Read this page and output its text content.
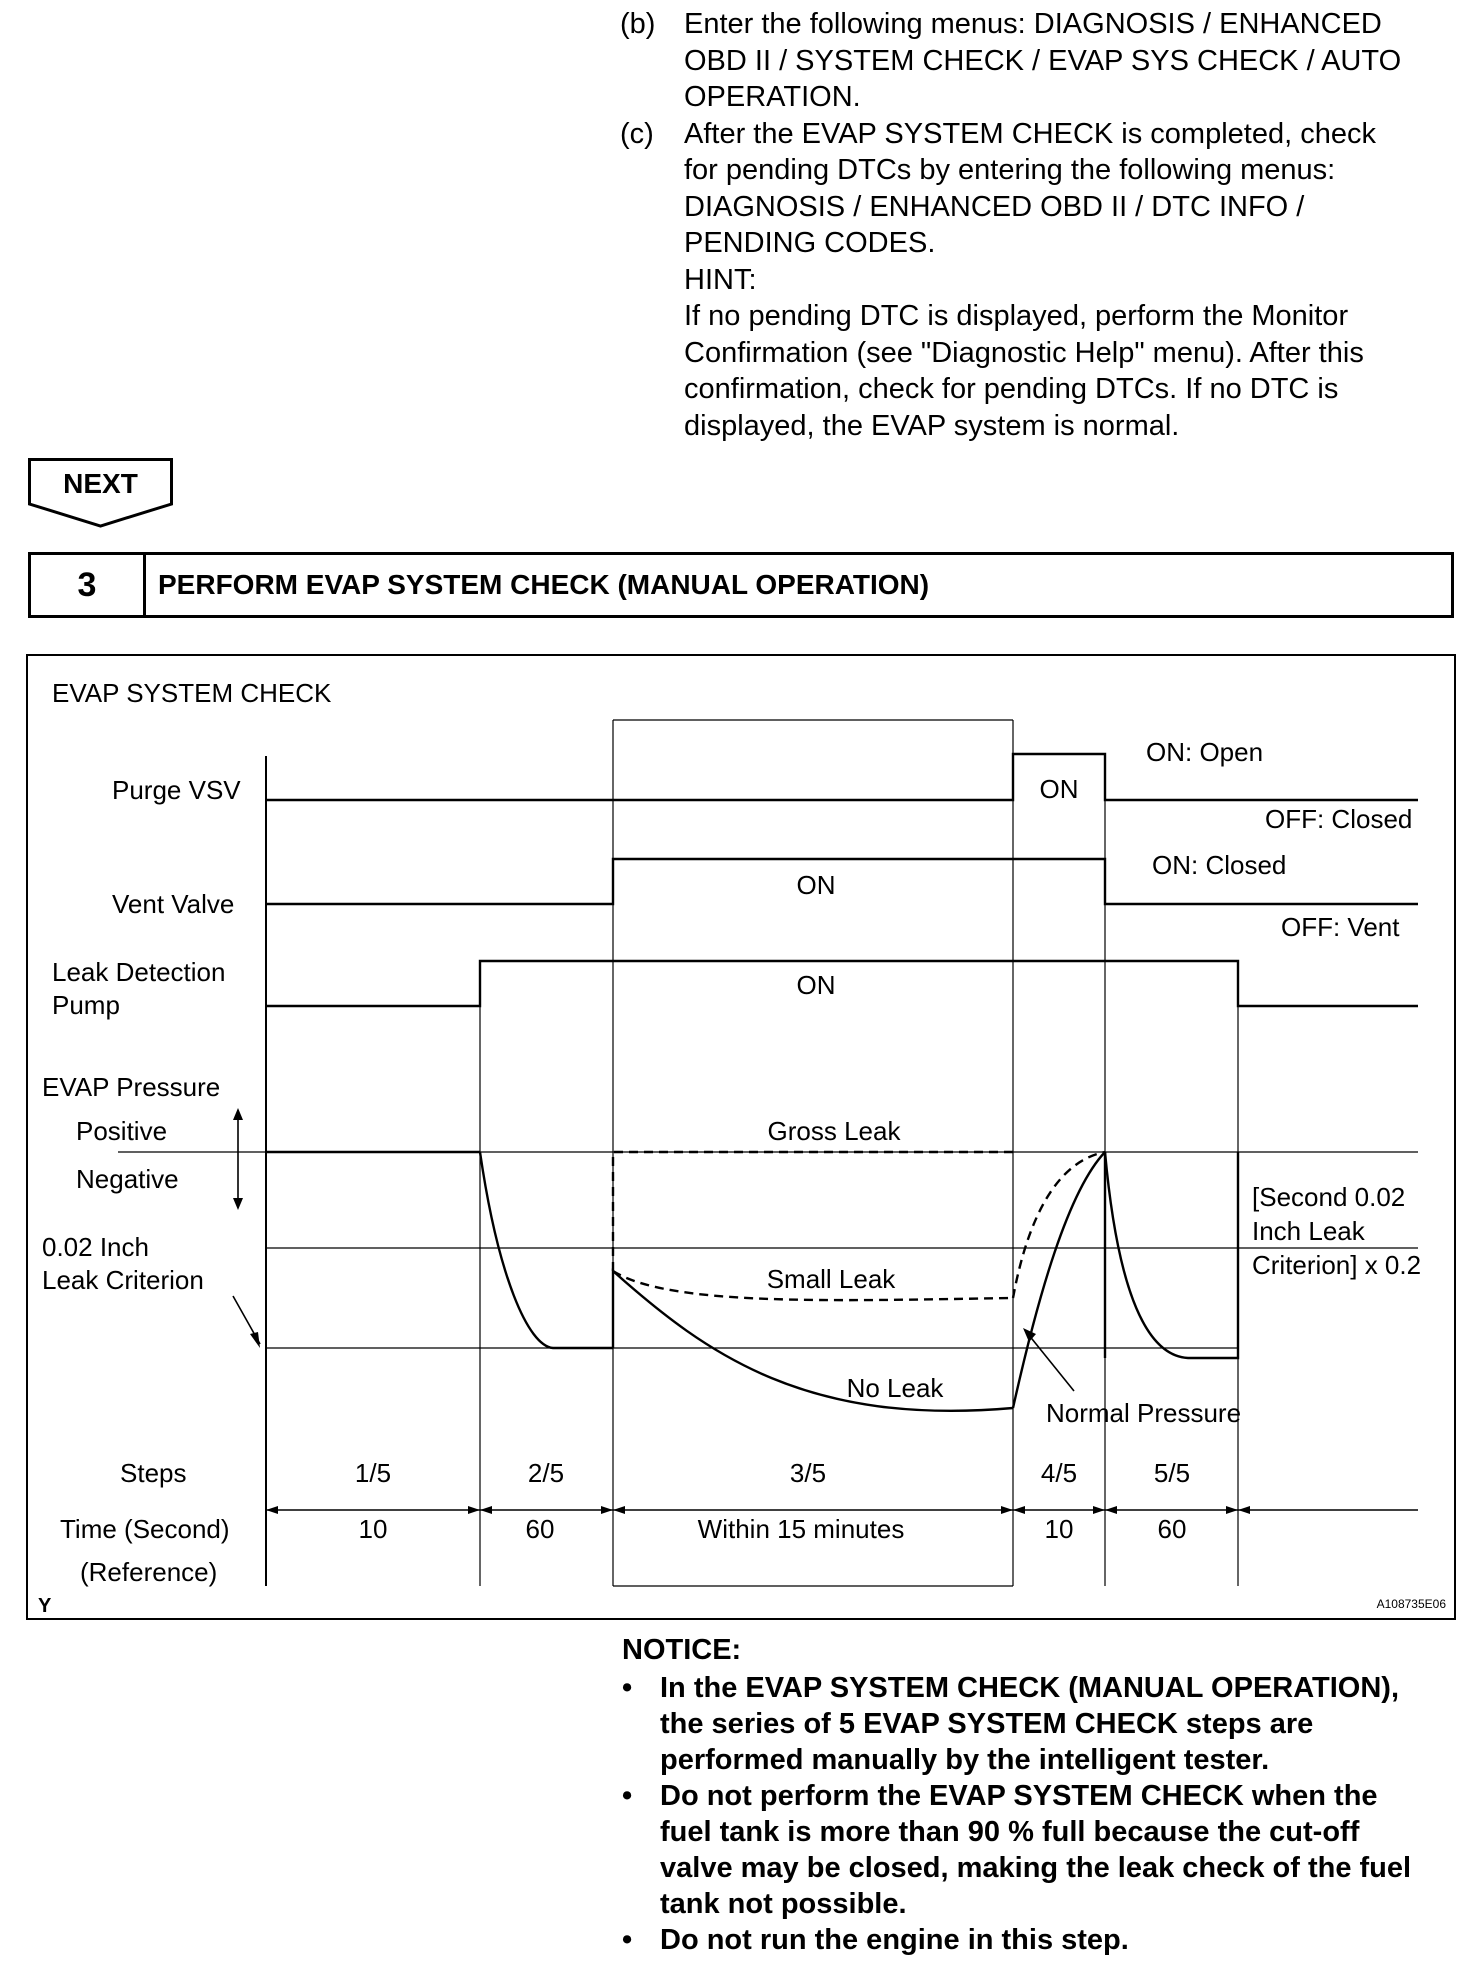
(b) Enter the following menus: DIAGNOSIS / ENHANCED
OBD II / SYSTEM CHECK / EVAP SYS CHECK / AUTO
OPERATION.
(c)	After the EVAP SYSTEM CHECK is completed, check
for pending DTCs by entering the following menus:
DIAGNOSIS / ENHANCED OBD II / DTC INFO /
PENDING CODES.
HINT:
If no pending DTC is displayed, perform the Monitor
Confirmation (see "Diagnostic Help" menu). After this
confirmation, check for pending DTCs. If no DTC is
displayed, the EVAP system is normal.
NEXT
3	PERFORM EVAP SYSTEM CHECK (MANUAL OPERATION)
EVAP SYSTEM CHECK
Purge VSV
Vent Valve
Leak Detection
Pump
EVAP Pressure
Positive
Negative
0.02 Inch
Leak Criterion
Steps
Time (Second)
(Reference)
ON
ON: Open
OFF: Closed
ON
ON: Closed
OFF: Vent
ON
Gross Leak
Small Leak
No Leak
Normal Pressure
[Second 0.02
Inch Leak
Criterion] x 0.2
1/5	2/5	3/5	4/5	5/5
10	60	Within 15 minutes	10	60
Y	A108735E06
NOTICE:
• In the EVAP SYSTEM CHECK (MANUAL OPERATION),
the series of 5 EVAP SYSTEM CHECK steps are
performed manually by the intelligent tester.
• Do not perform the EVAP SYSTEM CHECK when the
fuel tank is more than 90 % full because the cut-off
valve may be closed, making the leak check of the fuel
tank not possible.
• Do not run the engine in this step.
